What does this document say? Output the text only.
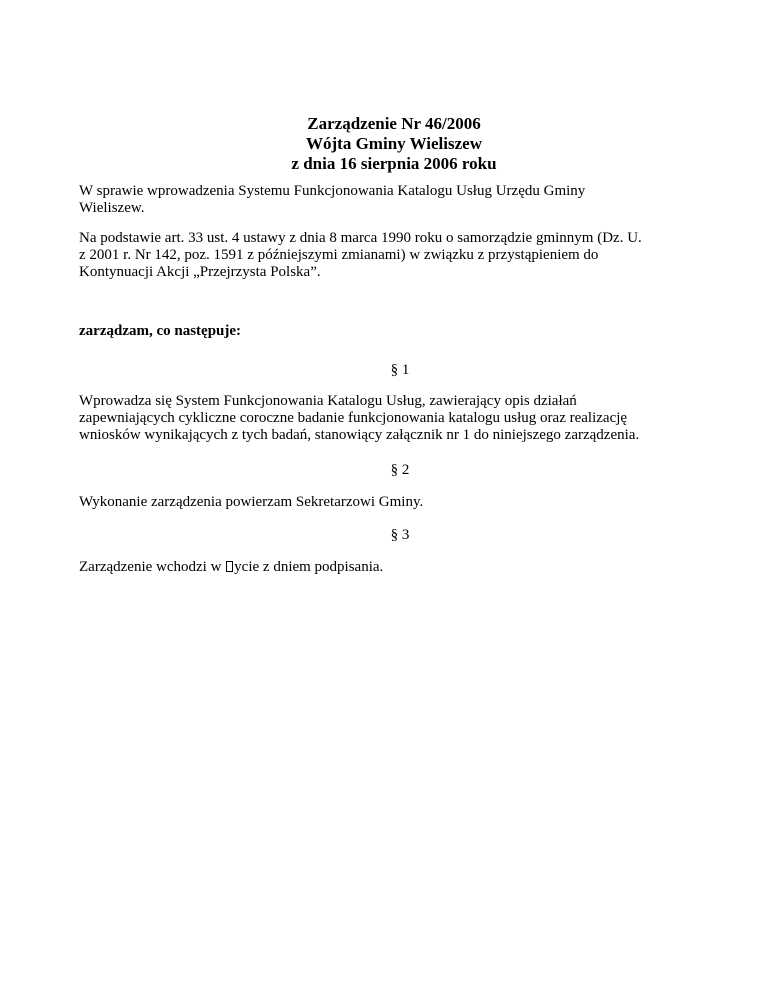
Zarządzenie Nr 46/2006
Wójta Gminy Wieliszew
z dnia 16 sierpnia 2006 roku

W sprawie wprowadzenia Systemu Funkcjonowania Katalogu Usług Urzędu Gminy
Wieliszew.

Na podstawie art. 33 ust. 4 ustawy z dnia 8 marca 1990 roku o samorządzie gminnym (Dz. U.
z 2001 r. Nr 142, poz. 1591 z późniejszymi zmianami) w związku z przystąpieniem do
Kontynuacji Akcji „Przejrzysta Polska”.

zarządzam, co następuje:

§ 1

Wprowadza się System Funkcjonowania Katalogu Usług, zawierający opis działań
zapewniających cykliczne coroczne badanie funkcjonowania katalogu usług oraz realizację
wniosków wynikających z tych badań, stanowiący załącznik nr 1 do niniejszego zarządzenia.

§ 2

Wykonanie zarządzenia powierzam Sekretarzowi Gminy.

§ 3

Zarządzenie wchodzi w ycie z dniem podpisania.
